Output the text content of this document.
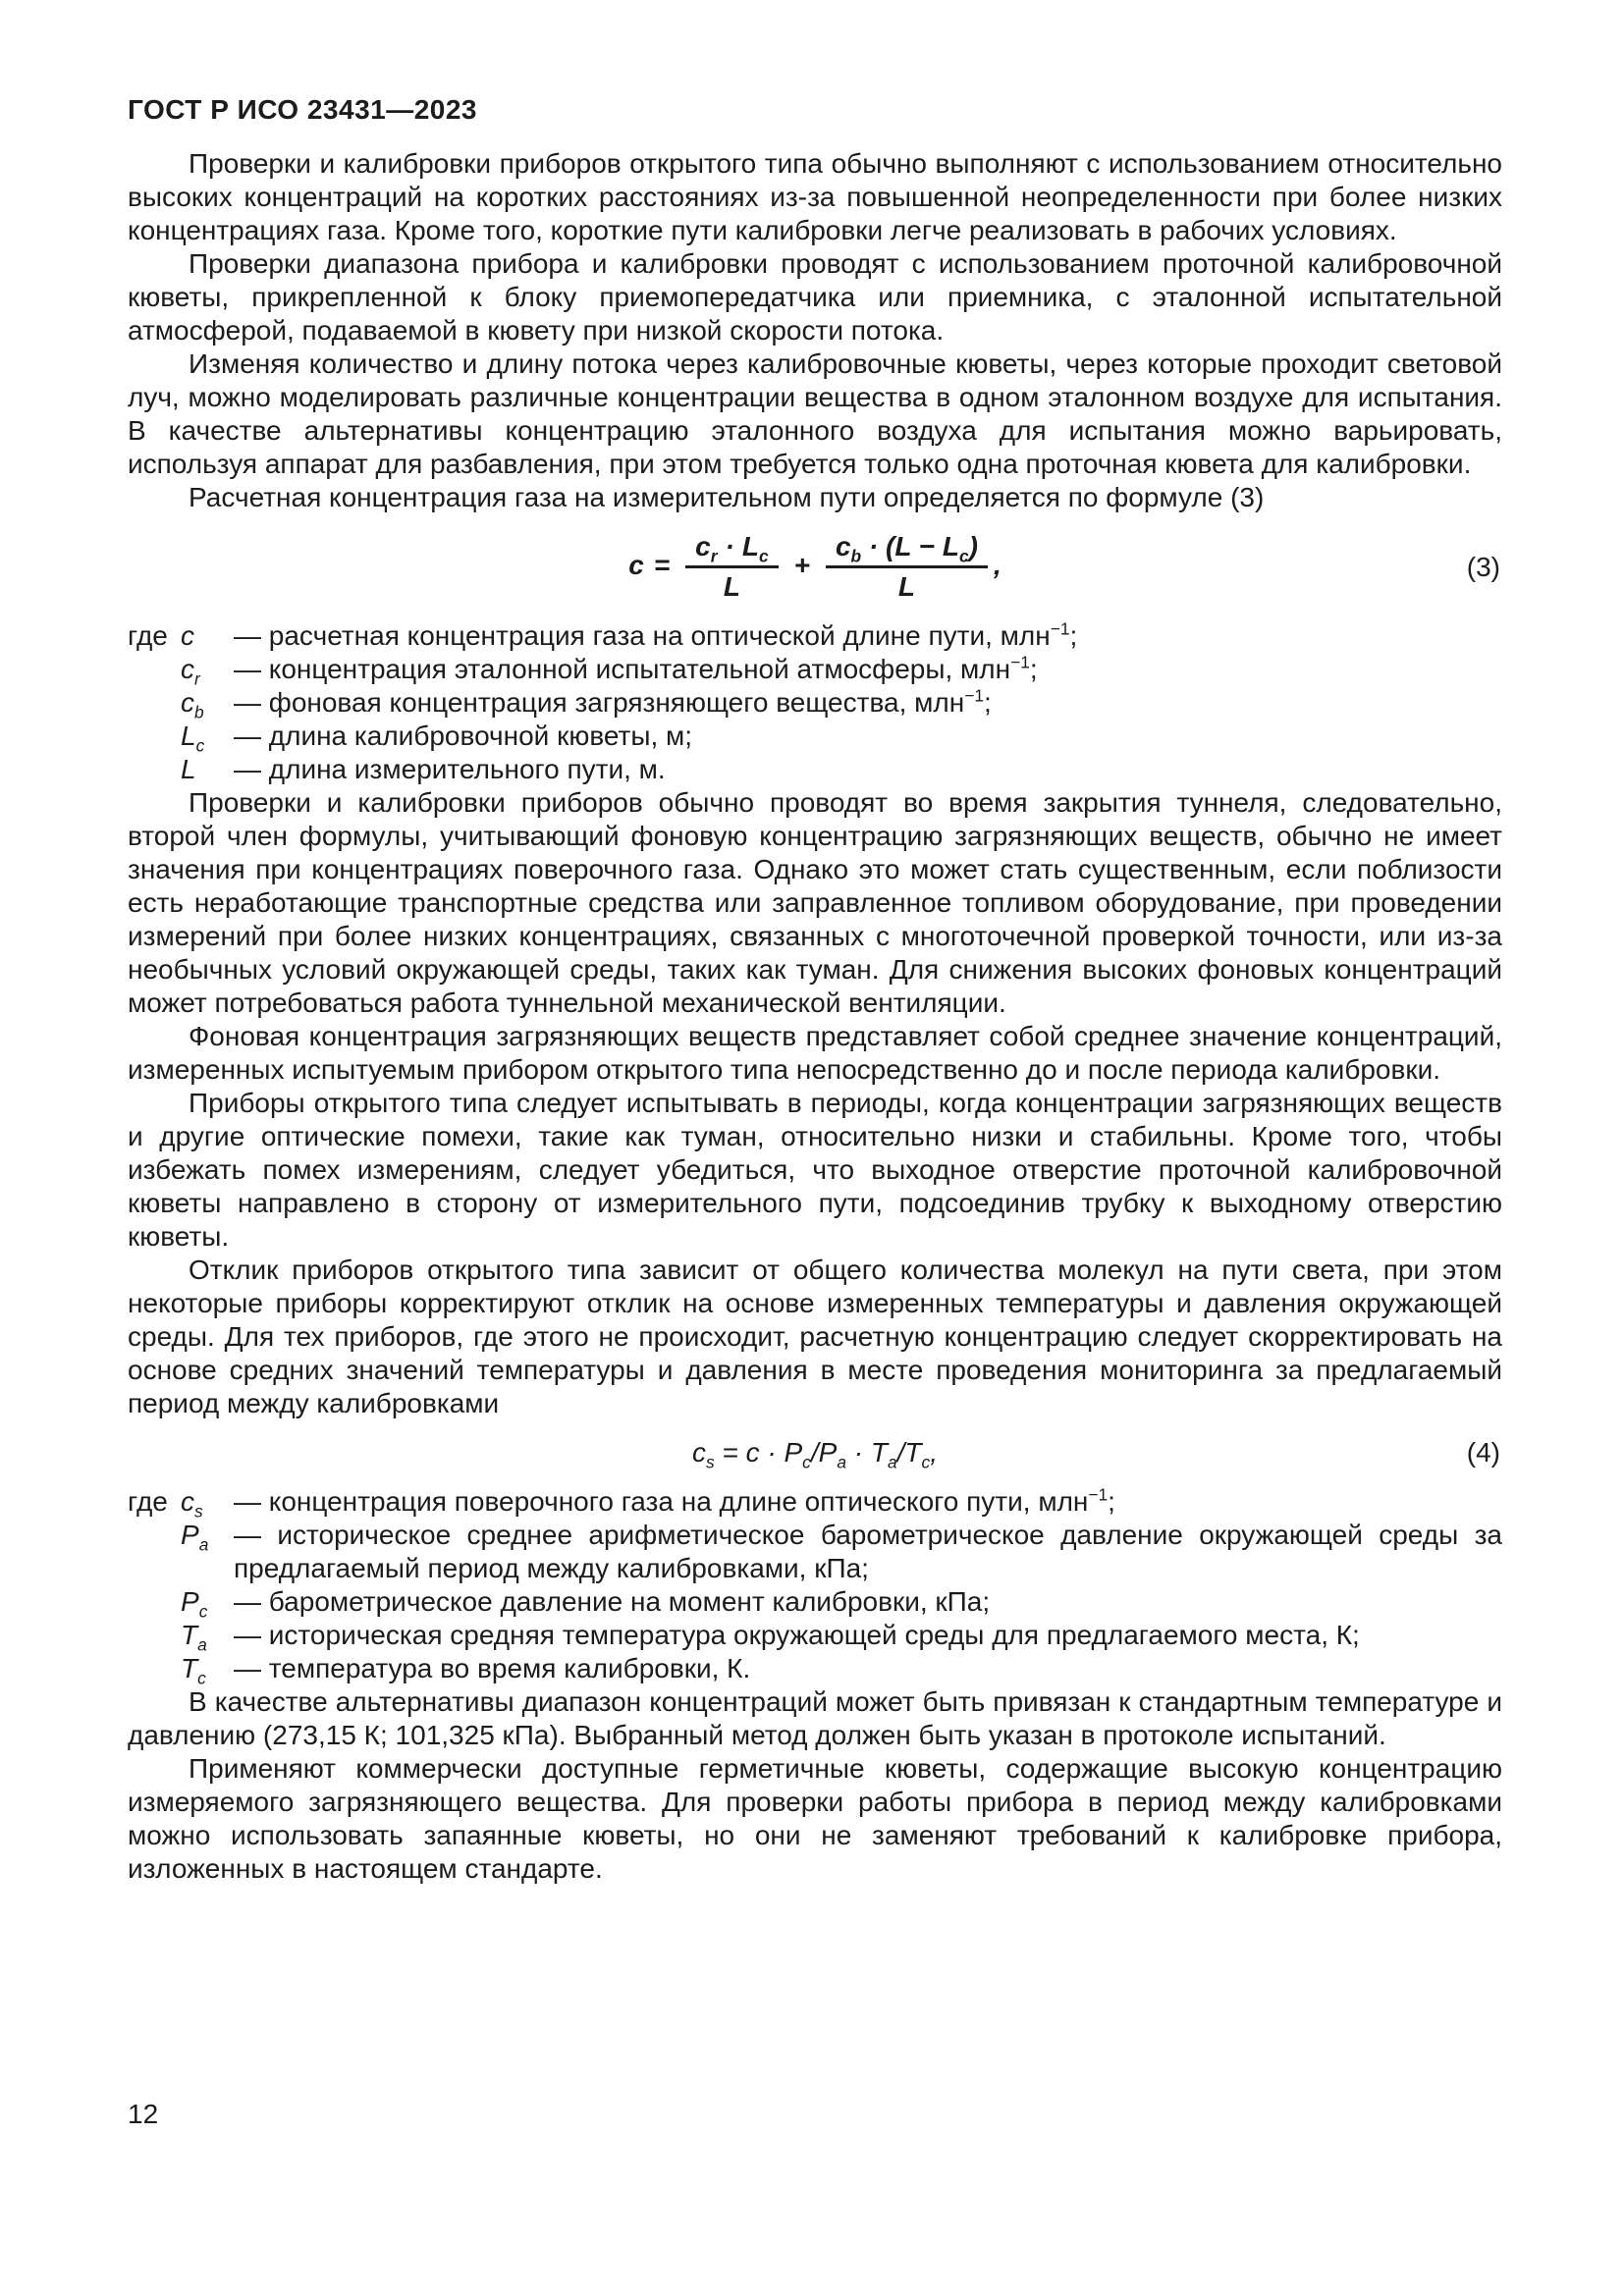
ГОСТ Р ИСО 23431—2023

Проверки и калибровки приборов открытого типа обычно выполняют с использованием относительно высоких концентраций на коротких расстояниях из-за повышенной неопределенности при более низких концентрациях газа. Кроме того, короткие пути калибровки легче реализовать в рабочих условиях.

Проверки диапазона прибора и калибровки проводят с использованием проточной калибровочной кюветы, прикрепленной к блоку приемопередатчика или приемника, с эталонной испытательной атмосферой, подаваемой в кювету при низкой скорости потока.

Изменяя количество и длину потока через калибровочные кюветы, через которые проходит световой луч, можно моделировать различные концентрации вещества в одном эталонном воздухе для испытания. В качестве альтернативы концентрацию эталонного воздуха для испытания можно варьировать, используя аппарат для разбавления, при этом требуется только одна проточная кювета для калибровки.

Расчетная концентрация газа на измерительном пути определяется по формуле (3)

$c = \frac{c_r \cdot L_c}{L} + \frac{c_b \cdot (L - L_c)}{L}$ ,	(3)
где c	— расчетная концентрация газа на оптической длине пути, млн$^{-1}$;
$c_r$	— концентрация эталонной испытательной атмосферы, млн$^{-1}$;
$c_b$	— фоновая концентрация загрязняющего вещества, млн$^{-1}$;
$L_c$	— длина калибровочной кюветы, м;
L	— длина измерительного пути, м.

Проверки и калибровки приборов обычно проводят во время закрытия туннеля, следовательно, второй член формулы, учитывающий фоновую концентрацию загрязняющих веществ, обычно не имеет значения при концентрациях поверочного газа. Однако это может стать существенным, если поблизости есть неработающие транспортные средства или заправленное топливом оборудование, при проведении измерений при более низких концентрациях, связанных с многоточечной проверкой точности, или из-за необычных условий окружающей среды, таких как туман. Для снижения высоких фоновых концентраций может потребоваться работа туннельной механической вентиляции.

Фоновая концентрация загрязняющих веществ представляет собой среднее значение концентраций, измеренных испытуемым прибором открытого типа непосредственно до и после периода калибровки.

Приборы открытого типа следует испытывать в периоды, когда концентрации загрязняющих веществ и другие оптические помехи, такие как туман, относительно низки и стабильны. Кроме того, чтобы избежать помех измерениям, следует убедиться, что выходное отверстие проточной калибровочной кюветы направлено в сторону от измерительного пути, подсоединив трубку к выходному отверстию кюветы.

Отклик приборов открытого типа зависит от общего количества молекул на пути света, при этом некоторые приборы корректируют отклик на основе измеренных температуры и давления окружающей среды. Для тех приборов, где этого не происходит, расчетную концентрацию следует скорректировать на основе средних значений температуры и давления в месте проведения мониторинга за предлагаемый период между калибровками

$c_s = c \cdot P_c/P_a \cdot T_a/T_c$,	(4)
где $c_s$	— концентрация поверочного газа на длине оптического пути, млн$^{-1}$;
$P_a$ — историческое среднее арифметическое барометрическое давление окружающей среды за предлагаемый период между калибровками, кПа;
$P_c$ — барометрическое давление на момент калибровки, кПа;
$T_a$ — историческая средняя температура окружающей среды для предлагаемого места, К;
$T_c$	— температура во время калибровки, К.

В качестве альтернативы диапазон концентраций может быть привязан к стандартным температуре и давлению (273,15 К; 101,325 кПа). Выбранный метод должен быть указан в протоколе испытаний.

Применяют коммерчески доступные герметичные кюветы, содержащие высокую концентрацию измеряемого загрязняющего вещества. Для проверки работы прибора в период между калибровками можно использовать запаянные кюветы, но они не заменяют требований к калибровке прибора, изложенных в настоящем стандарте.

12
